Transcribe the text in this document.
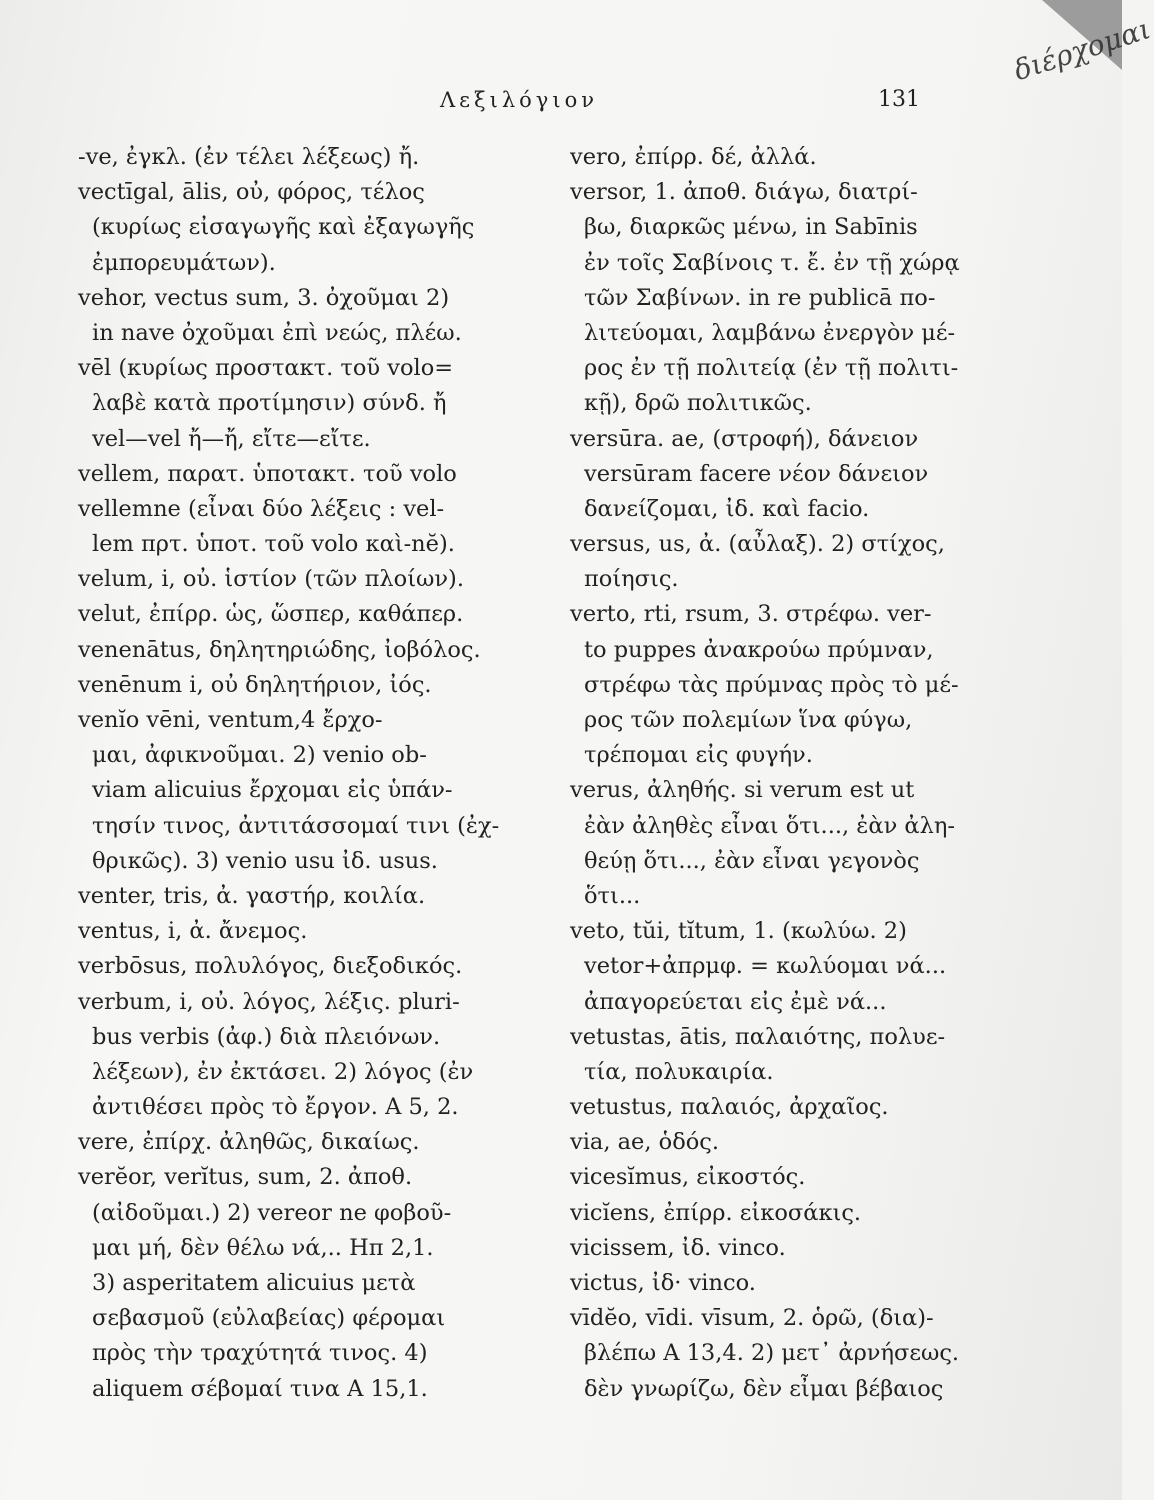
Λεξιλόγιον	131
διέρχομαι
-ve, ἐγκλ. (ἐν τέλει λέξεως) ἤ.
vectīgal, ālis, οὐ, φόρος, τέλος
(κυρίως εἰσαγωγῆς καὶ ἐξαγωγῆς
ἐμπορευμάτων).
vehor, vectus sum, 3. ὀχοῦμαι 2)
in nave ὀχοῦμαι ἐπὶ νεώς, πλέω.
vēl (κυρίως προστακτ. τοῦ volo=
λαβὲ κατὰ προτίμησιν) σύνδ. ἤ
vel—vel ἤ—ἤ, εἴτε—εἴτε.
vellem, παρατ. ὑποτακτ. τοῦ volo
vellemne (εἶναι δύο λέξεις : vel-
lem πρτ. ὑποτ. τοῦ volo καὶ-nĕ).
velum, i, οὐ. ἱστίον (τῶν πλοίων).
velut, ἐπίρρ. ὡς, ὥσπερ, καθάπερ.
venenātus, δηλητηριώδης, ἰοβόλος.
venēnum i, οὐ δηλητήριον, ἰός.
venĭo vēni, ventum,4 ἔρχο-
μαι, ἀφικνοῦμαι. 2) venio ob-
viam alicuius ἔρχομαι εἰς ὑπάν-
τησίν τινος, ἀντιτάσσομαί τινι (ἐχ-
θρικῶς). 3) venio usu ἰδ. usus.
venter, tris, ἀ. γαστήρ, κοιλία.
ventus, i, ἀ. ἄνεμος.
verbōsus, πολυλόγος, διεξοδικός.
verbum, i, οὐ. λόγος, λέξις. pluri-
bus verbis (ἀφ.) διὰ πλειόνων.
λέξεων), ἐν ἐκτάσει. 2) λόγος (ἐν
ἀντιθέσει πρὸς τὸ ἔργον. A 5, 2.
vere, ἐπίρχ. ἀληθῶς, δικαίως.
verĕor, verĭtus, sum, 2. ἀποθ.
(αἰδοῦμαι.) 2) vereor ne φοβοῦ-
μαι μή, δὲν θέλω νά,.. Ηπ 2,1.
3) asperitatem alicuius μετὰ
σεβασμοῦ (εὐλαβείας) φέρομαι
πρὸς τὴν τραχύτητά τινος. 4)
aliquem σέβομαί τινα A 15,1.
vero, ἐπίρρ. δέ, ἀλλά.
versor, 1. ἀποθ. διάγω, διατρί-
βω, διαρκῶς μένω, in Sabīnis
ἐν τοῖς Σαβίνοις τ. ἔ. ἐν τῇ χώρᾳ
τῶν Σαβίνων. in re publicā πο-
λιτεύομαι, λαμβάνω ἐνεργὸν μέ-
ρος ἐν τῇ πολιτείᾳ (ἐν τῇ πολιτι-
κῇ), δρῶ πολιτικῶς.
versūra. ae, (στροφή), δάνειον
versūram facere νέον δάνειον
δανείζομαι, ἰδ. καὶ facio.
versus, us, ἀ. (αὖλαξ). 2) στίχος,
ποίησις.
verto, rti, rsum, 3. στρέφω. ver-
to puppes ἀνακρούω πρύμναν,
στρέφω τὰς πρύμνας πρὸς τὸ μέ-
ρος τῶν πολεμίων ἵνα φύγω,
τρέπομαι εἰς φυγήν.
verus, ἀληθής. si verum est ut
ἐὰν ἀληθὲς εἶναι ὅτι..., ἐὰν ἀλη-
θεύῃ ὅτι..., ἐὰν εἶναι γεγονὸς
ὅτι...
veto, tŭi, tĭtum, 1. (κωλύω. 2)
vetor+ἀπρμφ. = κωλύομαι νά...
ἀπαγορεύεται εἰς ἐμὲ νά...
vetustas, ātis, παλαιότης, πολυε-
τία, πολυκαιρία.
vetustus, παλαιός, ἀρχαῖος.
via, ae, ὁδός.
vicesĭmus, εἰκοστός.
vicĭens, ἐπίρρ. εἰκοσάκις.
vicissem, ἰδ. vinco.
victus, ἰδ· vinco.
vīdĕo, vīdi. vīsum, 2. ὁρῶ, (δια)-
βλέπω A 13,4. 2) μετ᾽ ἀρνήσεως.
δὲν γνωρίζω, δὲν εἶμαι βέβαιος
